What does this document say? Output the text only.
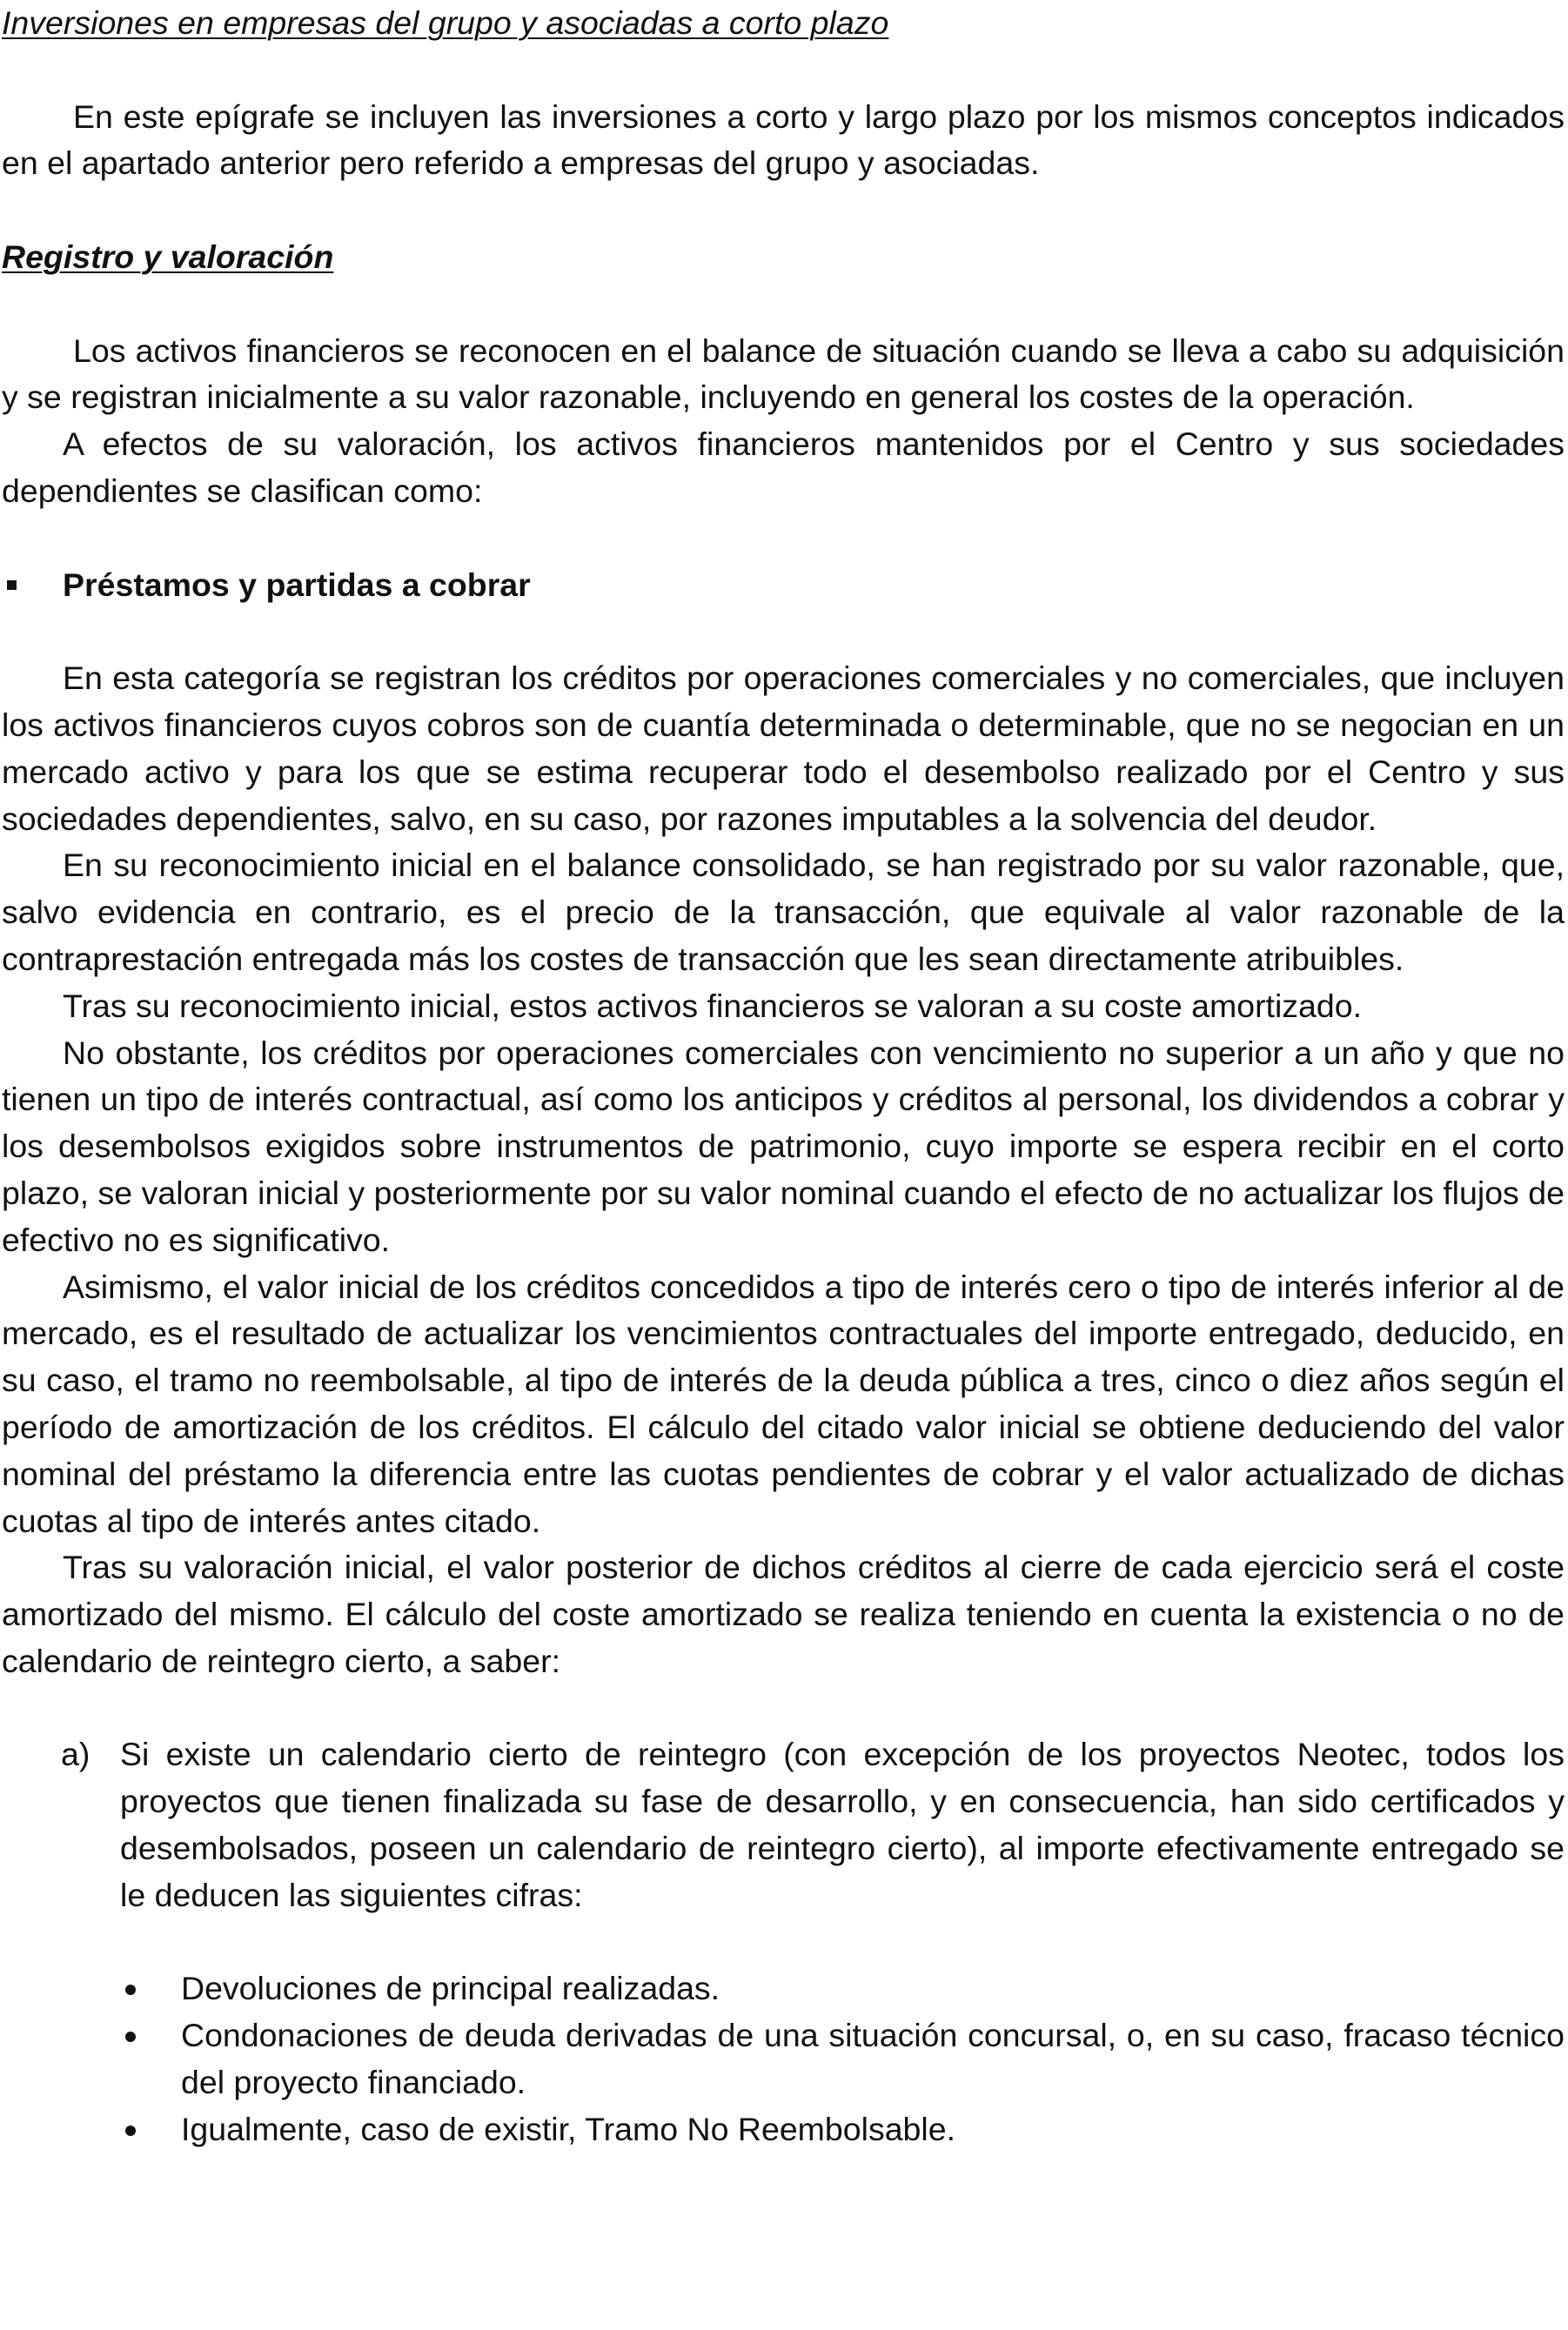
Inversiones en empresas del grupo y asociadas a corto plazo

En este epígrafe se incluyen las inversiones a corto y largo plazo por los mismos conceptos indicados en el apartado anterior pero referido a empresas del grupo y asociadas.

Registro y valoración

Los activos financieros se reconocen en el balance de situación cuando se lleva a cabo su adquisición y se registran inicialmente a su valor razonable, incluyendo en general los costes de la operación.

A efectos de su valoración, los activos financieros mantenidos por el Centro y sus sociedades dependientes se clasifican como:

Préstamos y partidas a cobrar

En esta categoría se registran los créditos por operaciones comerciales y no comerciales, que incluyen los activos financieros cuyos cobros son de cuantía determinada o determinable, que no se negocian en un mercado activo y para los que se estima recuperar todo el desembolso realizado por el Centro y sus sociedades dependientes, salvo, en su caso, por razones imputables a la solvencia del deudor.

En su reconocimiento inicial en el balance consolidado, se han registrado por su valor razonable, que, salvo evidencia en contrario, es el precio de la transacción, que equivale al valor razonable de la contraprestación entregada más los costes de transacción que les sean directamente atribuibles.

Tras su reconocimiento inicial, estos activos financieros se valoran a su coste amortizado.

No obstante, los créditos por operaciones comerciales con vencimiento no superior a un año y que no tienen un tipo de interés contractual, así como los anticipos y créditos al personal, los dividendos a cobrar y los desembolsos exigidos sobre instrumentos de patrimonio, cuyo importe se espera recibir en el corto plazo, se valoran inicial y posteriormente por su valor nominal cuando el efecto de no actualizar los flujos de efectivo no es significativo.

Asimismo, el valor inicial de los créditos concedidos a tipo de interés cero o tipo de interés inferior al de mercado, es el resultado de actualizar los vencimientos contractuales del importe entregado, deducido, en su caso, el tramo no reembolsable, al tipo de interés de la deuda pública a tres, cinco o diez años según el período de amortización de los créditos. El cálculo del citado valor inicial se obtiene deduciendo del valor nominal del préstamo la diferencia entre las cuotas pendientes de cobrar y el valor actualizado de dichas cuotas al tipo de interés antes citado.

Tras su valoración inicial, el valor posterior de dichos créditos al cierre de cada ejercicio será el coste amortizado del mismo. El cálculo del coste amortizado se realiza teniendo en cuenta la existencia o no de calendario de reintegro cierto, a saber:

a) Si existe un calendario cierto de reintegro (con excepción de los proyectos Neotec, todos los proyectos que tienen finalizada su fase de desarrollo, y en consecuencia, han sido certificados y desembolsados, poseen un calendario de reintegro cierto), al importe efectivamente entregado se le deducen las siguientes cifras:

Devoluciones de principal realizadas.

Condonaciones de deuda derivadas de una situación concursal, o, en su caso, fracaso técnico del proyecto financiado.

Igualmente, caso de existir, Tramo No Reembolsable.
